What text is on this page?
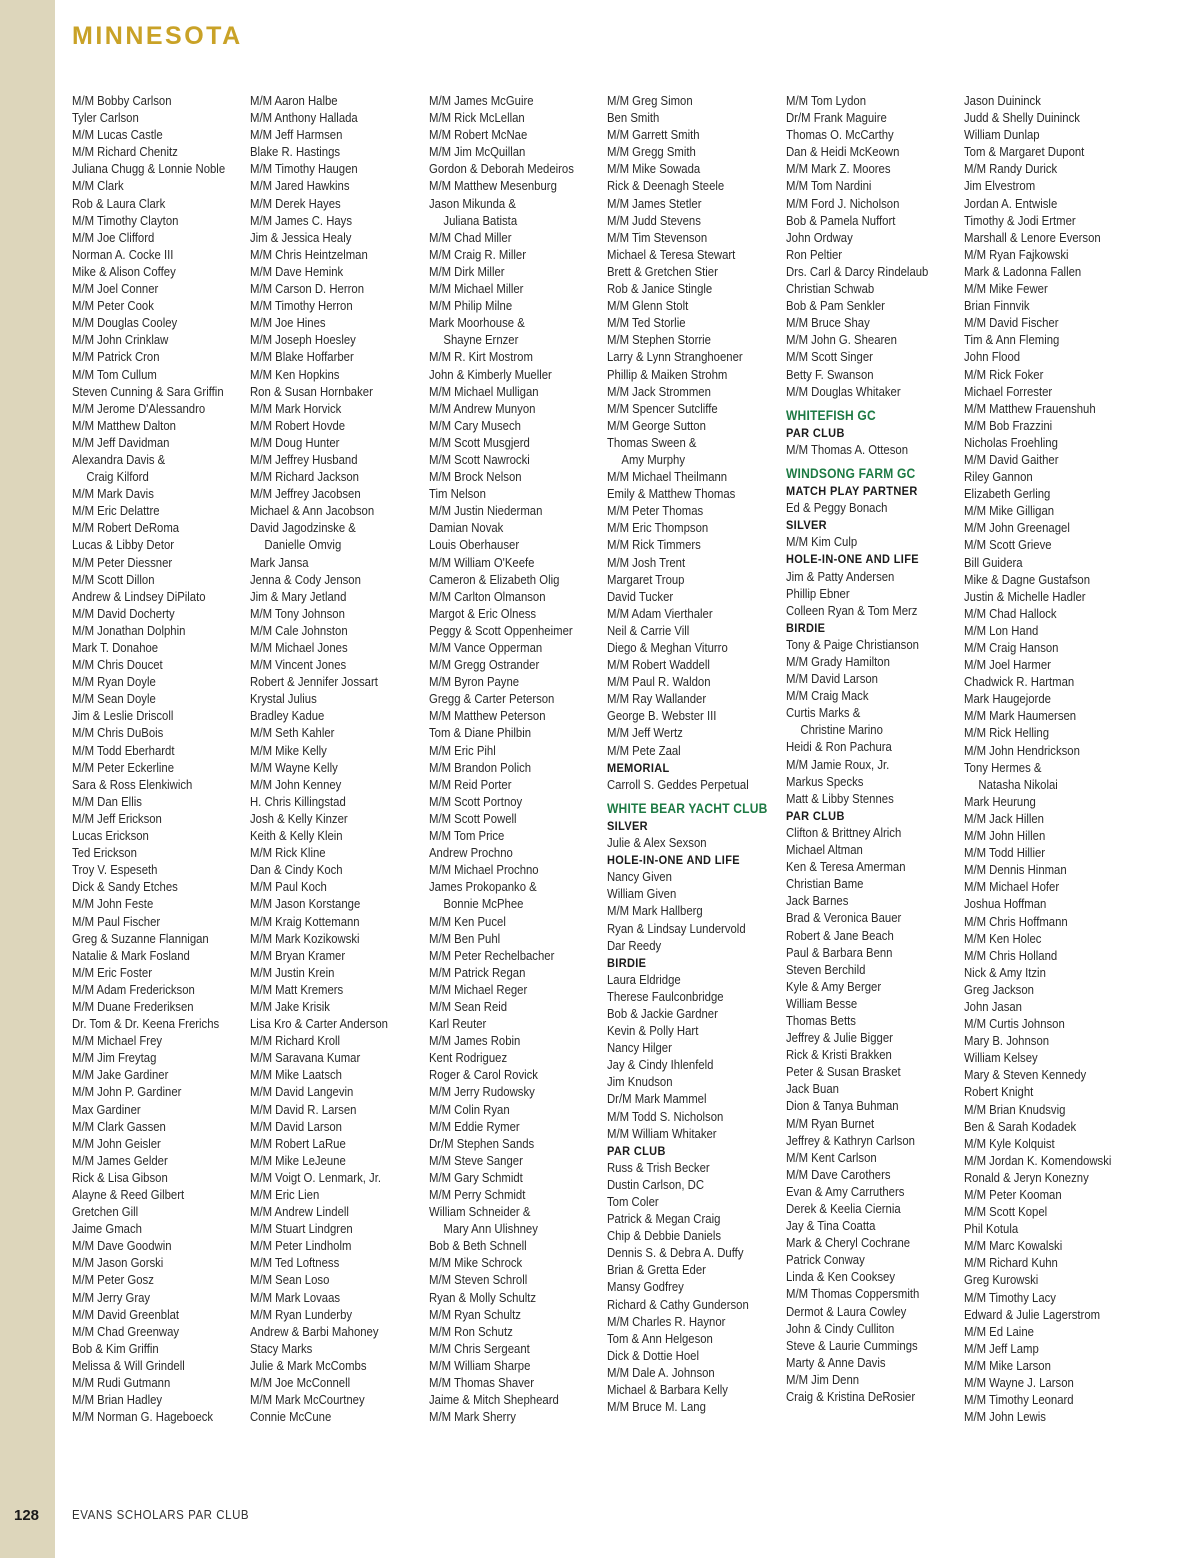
MINNESOTA
M/M Bobby Carlson
Tyler Carlson
M/M Lucas Castle
M/M Richard Chenitz
Juliana Chugg & Lonnie Noble
M/M Clark
Rob & Laura Clark
M/M Timothy Clayton
M/M Joe Clifford
Norman A. Cocke III
Mike & Alison Coffey
M/M Joel Conner
M/M Peter Cook
M/M Douglas Cooley
M/M John Crinklaw
M/M Patrick Cron
M/M Tom Cullum
Steven Cunning & Sara Griffin
M/M Jerome D'Alessandro
M/M Matthew Dalton
M/M Jeff Davidman
Alexandra Davis &
Craig Kilford
M/M Mark Davis
M/M Eric Delattre
M/M Robert DeRoma
Lucas & Libby Detor
M/M Peter Diessner
M/M Scott Dillon
Andrew & Lindsey DiPilato
M/M David Docherty
M/M Jonathan Dolphin
Mark T. Donahoe
M/M Chris Doucet
M/M Ryan Doyle
M/M Sean Doyle
Jim & Leslie Driscoll
M/M Chris DuBois
M/M Todd Eberhardt
M/M Peter Eckerline
Sara & Ross Elenkiwich
M/M Dan Ellis
M/M Jeff Erickson
Lucas Erickson
Ted Erickson
Troy V. Espeseth
Dick & Sandy Etches
M/M John Feste
M/M Paul Fischer
Greg & Suzanne Flannigan
Natalie & Mark Fosland
M/M Eric Foster
M/M Adam Frederickson
M/M Duane Frederiksen
Dr. Tom & Dr. Keena Frerichs
M/M Michael Frey
M/M Jim Freytag
M/M Jake Gardiner
M/M John P. Gardiner
Max Gardiner
M/M Clark Gassen
M/M John Geisler
M/M James Gelder
Rick & Lisa Gibson
Alayne & Reed Gilbert
Gretchen Gill
Jaime Gmach
M/M Dave Goodwin
M/M Jason Gorski
M/M Peter Gosz
M/M Jerry Gray
M/M David Greenblat
M/M Chad Greenway
Bob & Kim Griffin
Melissa & Will Grindell
M/M Rudi Gutmann
M/M Brian Hadley
M/M Norman G. Hageboeck
M/M Aaron Halbe
M/M Anthony Hallada
M/M Jeff Harmsen
Blake R. Hastings
M/M Timothy Haugen
M/M Jared Hawkins
M/M Derek Hayes
M/M James C. Hays
Jim & Jessica Healy
M/M Chris Heintzelman
M/M Dave Hemink
M/M Carson D. Herron
M/M Timothy Herron
M/M Joe Hines
M/M Joseph Hoesley
M/M Blake Hoffarber
M/M Ken Hopkins
Ron & Susan Hornbaker
M/M Mark Horvick
M/M Robert Hovde
M/M Doug Hunter
M/M Jeffrey Husband
M/M Richard Jackson
M/M Jeffrey Jacobsen
Michael & Ann Jacobson
David Jagodzinske &
Danielle Omvig
Mark Jansa
Jenna & Cody Jenson
Jim & Mary Jetland
M/M Tony Johnson
M/M Cale Johnston
M/M Michael Jones
M/M Vincent Jones
Robert & Jennifer Jossart
Krystal Julius
Bradley Kadue
M/M Seth Kahler
M/M Mike Kelly
M/M Wayne Kelly
M/M John Kenney
H. Chris Killingstad
Josh & Kelly Kinzer
Keith & Kelly Klein
M/M Rick Kline
Dan & Cindy Koch
M/M Paul Koch
M/M Jason Korstange
M/M Kraig Kottemann
M/M Mark Kozikowski
M/M Bryan Kramer
M/M Justin Krein
M/M Matt Kremers
M/M Jake Krisik
Lisa Kro & Carter Anderson
M/M Richard Kroll
M/M Saravana Kumar
M/M Mike Laatsch
M/M David Langevin
M/M David R. Larsen
M/M David Larson
M/M Robert LaRue
M/M Mike LeJeune
M/M Voigt O. Lenmark, Jr.
M/M Eric Lien
M/M Andrew Lindell
M/M Stuart Lindgren
M/M Peter Lindholm
M/M Ted Loftness
M/M Sean Loso
M/M Mark Lovaas
M/M Ryan Lunderby
Andrew & Barbi Mahoney
Stacy Marks
Julie & Mark McCombs
M/M Joe McConnell
M/M Mark McCourtney
Connie McCune
M/M James McGuire
M/M Rick McLellan
M/M Robert McNae
M/M Jim McQuillan
Gordon & Deborah Medeiros
M/M Matthew Mesenburg
Jason Mikunda &
Juliana Batista
M/M Chad Miller
M/M Craig R. Miller
M/M Dirk Miller
M/M Michael Miller
M/M Philip Milne
Mark Moorhouse &
Shayne Ernzer
M/M R. Kirt Mostrom
John & Kimberly Mueller
M/M Michael Mulligan
M/M Andrew Munyon
M/M Cary Musech
M/M Scott Musgjerd
M/M Scott Nawrocki
M/M Brock Nelson
Tim Nelson
M/M Justin Niederman
Damian Novak
Louis Oberhauser
M/M William O'Keefe
Cameron & Elizabeth Olig
M/M Carlton Olmanson
Margot & Eric Olness
Peggy & Scott Oppenheimer
M/M Vance Opperman
M/M Gregg Ostrander
M/M Byron Payne
Gregg & Carter Peterson
M/M Matthew Peterson
Tom & Diane Philbin
M/M Eric Pihl
M/M Brandon Polich
M/M Reid Porter
M/M Scott Portnoy
M/M Scott Powell
M/M Tom Price
Andrew Prochno
M/M Michael Prochno
James Prokopanko &
Bonnie McPhee
M/M Ken Pucel
M/M Ben Puhl
M/M Peter Rechelbacher
M/M Patrick Regan
M/M Michael Reger
M/M Sean Reid
Karl Reuter
M/M James Robin
Kent Rodriguez
Roger & Carol Rovick
M/M Jerry Rudowsky
M/M Colin Ryan
M/M Eddie Rymer
Dr/M Stephen Sands
M/M Steve Sanger
M/M Gary Schmidt
M/M Perry Schmidt
William Schneider &
Mary Ann Ulishney
Bob & Beth Schnell
M/M Mike Schrock
M/M Steven Schroll
Ryan & Molly Schultz
M/M Ryan Schultz
M/M Ron Schutz
M/M Chris Sergeant
M/M William Sharpe
M/M Thomas Shaver
Jaime & Mitch Shepheard
M/M Mark Sherry
M/M Greg Simon
Ben Smith
M/M Garrett Smith
M/M Gregg Smith
M/M Mike Sowada
Rick & Deenagh Steele
M/M James Stetler
M/M Judd Stevens
M/M Tim Stevenson
Michael & Teresa Stewart
Brett & Gretchen Stier
Rob & Janice Stingle
M/M Glenn Stolt
M/M Ted Storlie
M/M Stephen Storrie
Larry & Lynn Stranghoener
Phillip & Maiken Strohm
M/M Jack Strommen
M/M Spencer Sutcliffe
M/M George Sutton
Thomas Sween &
Amy Murphy
M/M Michael Theilmann
Emily & Matthew Thomas
M/M Peter Thomas
M/M Eric Thompson
M/M Rick Timmers
M/M Josh Trent
Margaret Troup
David Tucker
M/M Adam Vierthaler
Neil & Carrie Vill
Diego & Meghan Viturro
M/M Robert Waddell
M/M Paul R. Waldon
M/M Ray Wallander
George B. Webster III
M/M Jeff Wertz
M/M Pete Zaal
MEMORIAL
Carroll S. Geddes Perpetual
WHITE BEAR YACHT CLUB
SILVER
Julie & Alex Sexson
HOLE-IN-ONE AND LIFE
Nancy Given
William Given
M/M Mark Hallberg
Ryan & Lindsay Lundervold
Dar Reedy
BIRDIE
Laura Eldridge
Therese Faulconbridge
Bob & Jackie Gardner
Kevin & Polly Hart
Nancy Hilger
Jay & Cindy Ihlenfeld
Jim Knudson
Dr/M Mark Mammel
M/M Todd S. Nicholson
M/M William Whitaker
PAR CLUB
Russ & Trish Becker
Dustin Carlson, DC
Tom Coler
Patrick & Megan Craig
Chip & Debbie Daniels
Dennis S. & Debra A. Duffy
Brian & Gretta Eder
Mansy Godfrey
Richard & Cathy Gunderson
M/M Charles R. Haynor
Tom & Ann Helgeson
Dick & Dottie Hoel
M/M Dale A. Johnson
Michael & Barbara Kelly
M/M Bruce M. Lang
M/M Tom Lydon
Dr/M Frank Maguire
Thomas O. McCarthy
Dan & Heidi McKeown
M/M Mark Z. Moores
M/M Tom Nardini
M/M Ford J. Nicholson
Bob & Pamela Nuffort
John Ordway
Ron Peltier
Drs. Carl & Darcy Rindelaub
Christian Schwab
Bob & Pam Senkler
M/M Bruce Shay
M/M John G. Shearen
M/M Scott Singer
Betty F. Swanson
M/M Douglas Whitaker
WHITEFISH GC
PAR CLUB
M/M Thomas A. Otteson
WINDSONG FARM GC
MATCH PLAY PARTNER
Ed & Peggy Bonach
SILVER
M/M Kim Culp
HOLE-IN-ONE AND LIFE
Jim & Patty Andersen
Phillip Ebner
Colleen Ryan & Tom Merz
BIRDIE
Tony & Paige Christianson
M/M Grady Hamilton
M/M David Larson
M/M Craig Mack
Curtis Marks &
Christine Marino
Heidi & Ron Pachura
M/M Jamie Roux, Jr.
Markus Specks
Matt & Libby Stennes
PAR CLUB
Clifton & Brittney Alrich
Michael Altman
Ken & Teresa Amerman
Christian Bame
Jack Barnes
Brad & Veronica Bauer
Robert & Jane Beach
Paul & Barbara Benn
Steven Berchild
Kyle & Amy Berger
William Besse
Thomas Betts
Jeffrey & Julie Bigger
Rick & Kristi Brakken
Peter & Susan Brasket
Jack Buan
Dion & Tanya Buhman
M/M Ryan Burnet
Jeffrey & Kathryn Carlson
M/M Kent Carlson
M/M Dave Carothers
Evan & Amy Carruthers
Derek & Keelia Ciernia
Jay & Tina Coatta
Mark & Cheryl Cochrane
Patrick Conway
Linda & Ken Cooksey
M/M Thomas Coppersmith
Dermot & Laura Cowley
John & Cindy Culliton
Steve & Laurie Cummings
Marty & Anne Davis
M/M Jim Denn
Craig & Kristina DeRosier
Jason Duininck
Judd & Shelly Duininck
William Dunlap
Tom & Margaret Dupont
M/M Randy Durick
Jim Elvestrom
Jordan A. Entwisle
Timothy & Jodi Ertmer
Marshall & Lenore Everson
M/M Ryan Fajkowski
Mark & Ladonna Fallen
M/M Mike Fewer
Brian Finnvik
M/M David Fischer
Tim & Ann Fleming
John Flood
M/M Rick Foker
Michael Forrester
M/M Matthew Frauenshuh
M/M Bob Frazzini
Nicholas Froehling
M/M David Gaither
Riley Gannon
Elizabeth Gerling
M/M Mike Gilligan
M/M John Greenagel
M/M Scott Grieve
Bill Guidera
Mike & Dagne Gustafson
Justin & Michelle Hadler
M/M Chad Hallock
M/M Lon Hand
M/M Craig Hanson
M/M Joel Harmer
Chadwick R. Hartman
Mark Haugejorde
M/M Mark Haumersen
M/M Rick Helling
M/M John Hendrickson
Tony Hermes &
Natasha Nikolai
Mark Heurung
M/M Jack Hillen
M/M John Hillen
M/M Todd Hillier
M/M Dennis Hinman
M/M Michael Hofer
Joshua Hoffman
M/M Chris Hoffmann
M/M Ken Holec
M/M Chris Holland
Nick & Amy Itzin
Greg Jackson
John Jasan
M/M Curtis Johnson
Mary B. Johnson
William Kelsey
Mary & Steven Kennedy
Robert Knight
M/M Brian Knudsvig
Ben & Sarah Kodadek
M/M Kyle Kolquist
M/M Jordan K. Komendowski
Ronald & Jeryn Konezny
M/M Peter Kooman
M/M Scott Kopel
Phil Kotula
M/M Marc Kowalski
M/M Richard Kuhn
Greg Kurowski
M/M Timothy Lacy
Edward & Julie Lagerstrom
M/M Ed Laine
M/M Jeff Lamp
M/M Mike Larson
M/M Wayne J. Larson
M/M Timothy Leonard
M/M John Lewis
128	EVANS SCHOLARS PAR CLUB
